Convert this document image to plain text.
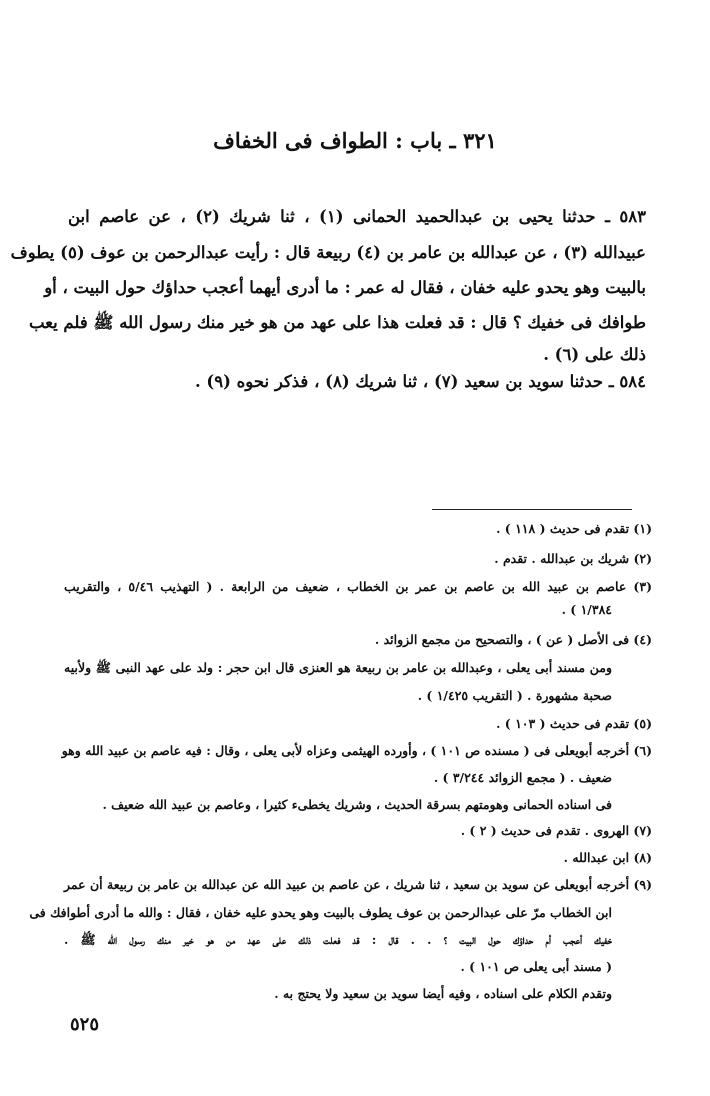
٣٢١ ـ باب : الطواف فى الخفاف
٥٨٣ ـ حدثنا يحيى بن عبدالحميد الحمانى (١) ، ثنا شريك (٢) ، عن عاصم ابن
عبيدالله (٣) ، عن عبدالله بن عامر بن (٤) ربيعة قال : رأيت عبدالرحمن بن عوف (٥) يطوف
بالبيت وهو يحدو عليه خفان ، فقال له عمر : ما أدرى أيهما أعجب حداؤك حول البيت ، أو
طوافك فى خفيك ؟ قال : قد فعلت هذا على عهد من هو خير منك رسول الله ﷺ فلم يعب
ذلك على (٦) .
٥٨٤ ـ حدثنا سويد بن سعيد (٧) ، ثنا شريك (٨) ، فذكر نحوه (٩) .
(١) تقدم فى حديث ( ١١٨ ) .
(٢) شريك بن عبدالله . تقدم .
(٣) عاصم بن عبيد الله بن عاصم بن عمر بن الخطاب ، ضعيف من الرابعة . ( التهذيب ٥/٤٦ ، والتقريب
١/٣٨٤ ) .
(٤) فى الأصل ( عن ) ، والتصحيح من مجمع الزوائد .
ومن مسند أبى يعلى ، وعبدالله بن عامر بن ربيعة هو العنزى قال ابن حجر : ولد على عهد النبى ﷺ ولأبيه
صحبة مشهورة . ( التقريب ١/٤٢٥ ) .
(٥) تقدم فى حديث ( ١٠٣ ) .
(٦) أخرجه أبويعلى فى ( مسنده ص ١٠١ ) ، وأورده الهيثمى وعزاه لأبى يعلى ، وقال : فيه عاصم بن عبيد الله وهو
ضعيف . ( مجمع الزوائد ٣/٢٤٤ ) .
فى اسناده الحمانى وهومتهم بسرقة الحديث ، وشريك يخطىء كثيرا ، وعاصم بن عبيد الله ضعيف .
(٧) الهروى . تقدم فى حديث ( ٢ ) .
(٨) ابن عبدالله .
(٩) أخرجه أبويعلى عن سويد بن سعيد ، ثنا شريك ، عن عاصم بن عبيد الله عن عبدالله بن عامر بن ربيعة أن عمر
ابن الخطاب مرّ على عبدالرحمن بن عوف يطوف بالبيت وهو يحدو عليه خفان ، فقال : والله ما أدرى أطوافك فى
خفيك أعجب أم حداؤك حول البيت ؟ . . قال : قد فعلت ذلك على عهد من هو خير منك رسول الله ﷺ .
( مسند أبى يعلى ص ١٠١ ) .
وتقدم الكلام على اسناده ، وفيه أيضا سويد بن سعيد ولا يحتج به .
٥٢٥
